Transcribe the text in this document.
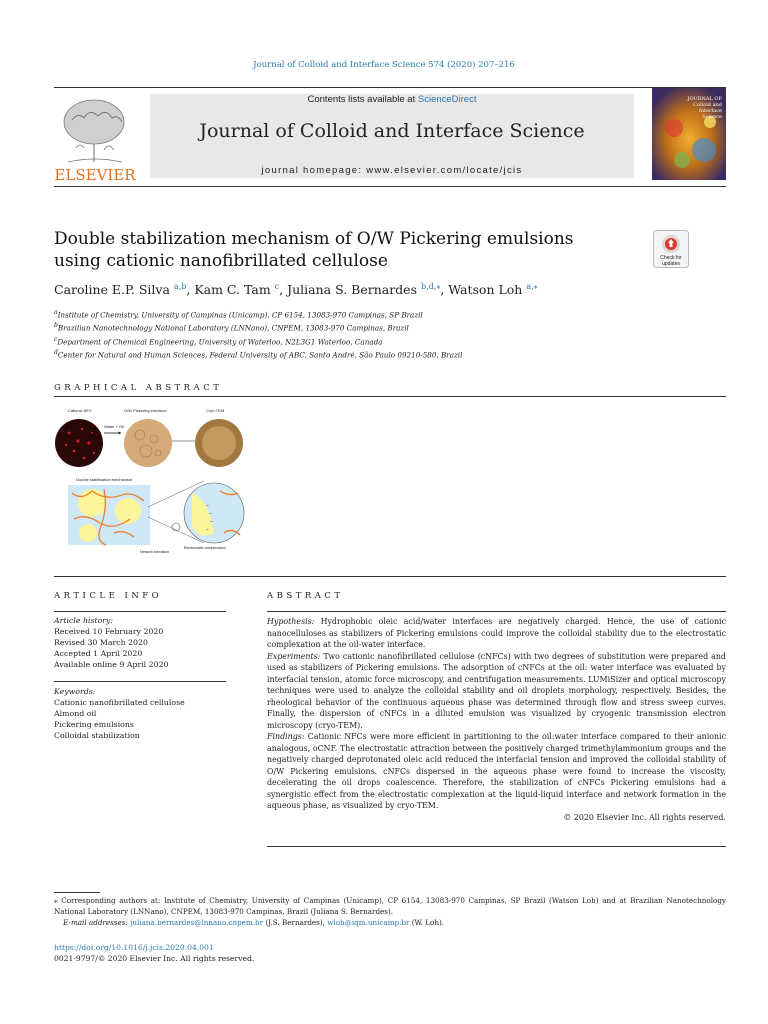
Journal of Colloid and Interface Science 574 (2020) 207–216
ELSEVIER
Contents lists available at ScienceDirect
Journal of Colloid and Interface Science
journal homepage: www.elsevier.com/locate/jcis
JOURNAL OF
Colloid and
Interface
Science
Double stabilization mechanism of O/W Pickering emulsions using cationic nanofibrillated cellulose	Check for
updates
Caroline E.P. Silva $^{a,b}$, Kam C. Tam $^c$, Juliana S. Bernardes $^{b,d,⁎}$, Watson Loh $^{a,⁎}$
$^a$Institute of Chemistry, University of Campinas (Unicamp), CP 6154, 13083-970 Campinas, SP Brazil
$^b$Brazilian Nanotechnology National Laboratory (LNNano), CNPEM, 13083-970 Campinas, Brazil
$^c$Department of Chemical Engineering, University of Waterloo, N2L3G1 Waterloo, Canada
$^d$Center for Natural and Human Sciences, Federal University of ABC, Santo André, São Paulo 09210-580, Brazil
GRAPHICAL ABSTRACT
Cationic NFC	O/W Pickering emulsion	Cryo-TEM
Water + Oil
Double stabilisation mechanism
−
−
−
−
Electrostatic complexation
Network formation
ARTICLE INFO
Article history:
Received 10 February 2020
Revised 30 March 2020
Accepted 1 April 2020
Available online 9 April 2020
Keywords:
Cationic nanofibrillated cellulose
Almond oil
Pickering emulsions
Colloidal stabilization
ABSTRACT

Hypothesis: Hydrophobic oleic acid/water interfaces are negatively charged. Hence, the use of cationic nanocelluloses as stabilizers of Pickering emulsions could improve the colloidal stability due to the electrostatic complexation at the oil-water interface.

Experiments: Two cationic nanofibrillated cellulose (cNFCs) with two degrees of substitution were prepared and used as stabilizers of Pickering emulsions. The adsorption of cNFCs at the oil: water interface was evaluated by interfacial tension, atomic force microscopy, and centrifugation measurements. LUMiSizer and optical microscopy techniques were used to analyze the colloidal stability and oil droplets morphology, respectively. Besides, the rheological behavior of the continuous aqueous phase was determined through flow and stress sweep curves. Finally, the dispersion of cNFCs in a diluted emulsion was visualized by cryogenic transmission electron microscopy (cryo-TEM).

Findings: Cationic NFCs were more efficient in partitioning to the oil:water interface compared to their anionic analogous, oCNF. The electrostatic attraction between the positively charged trimethylammonium groups and the negatively charged deprotonated oleic acid reduced the interfacial tension and improved the colloidal stability of O/W Pickering emulsions. cNFCs dispersed in the aqueous phase were found to increase the viscosity, decelerating the oil drops coalescence. Therefore, the stabilization of cNFCs Pickering emulsions had a synergistic effect from the electrostatic complexation at the liquid-liquid interface and network formation in the aqueous phase, as visualized by cryo-TEM.

© 2020 Elsevier Inc. All rights reserved.

⁎ Corresponding authors at: Institute of Chemistry, University of Campinas (Unicamp), CP 6154, 13083-970 Campinas, SP Brazil (Watson Loh) and at Brazilian Nanotechnology National Laboratory (LNNano), CNPEM, 13083-970 Campinas, Brazil (Juliana S. Bernardes).
E-mail addresses: juliana.bernardes@lnnano.cnpem.br (J.S. Bernardes), wloh@iqm.unicamp.br (W. Loh).
https://doi.org/10.1016/j.jcis.2020.04.001
0021-9797/© 2020 Elsevier Inc. All rights reserved.
